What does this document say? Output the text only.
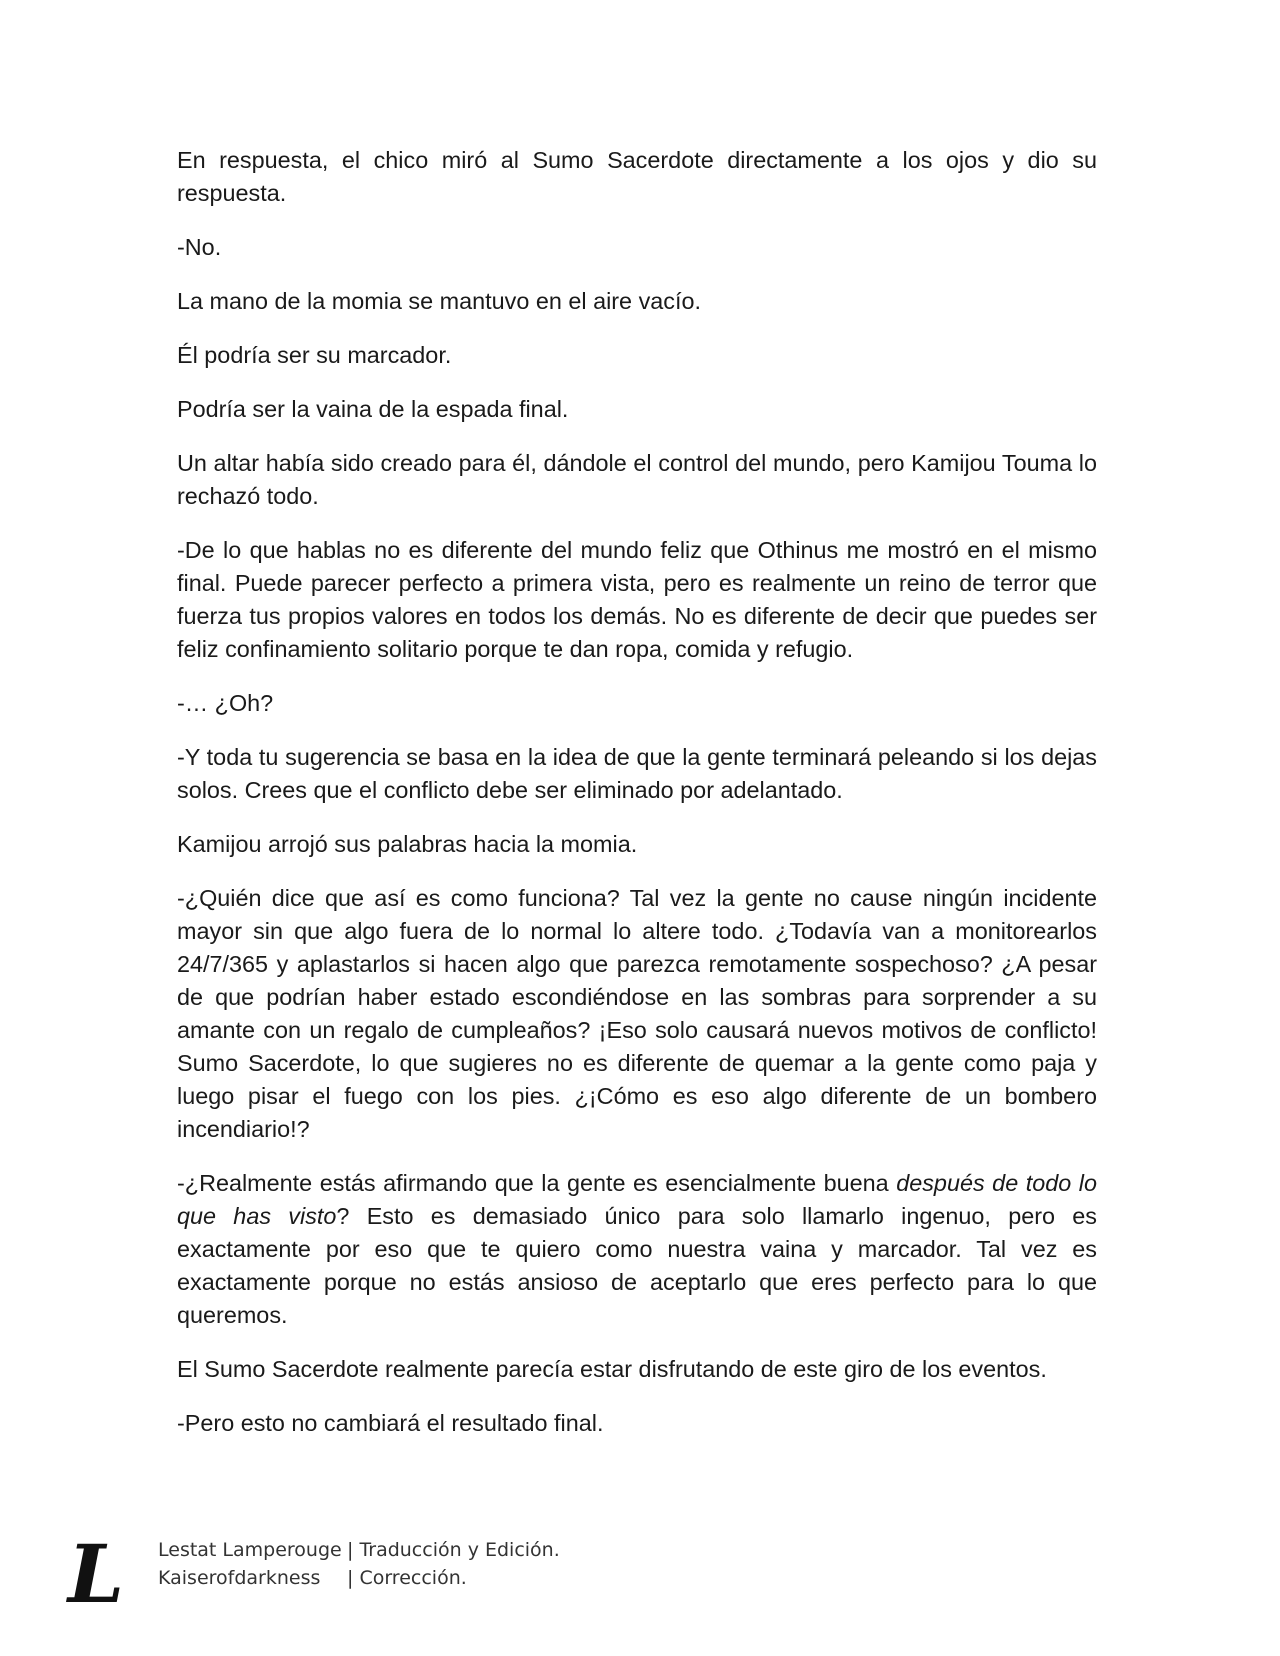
En respuesta, el chico miró al Sumo Sacerdote directamente a los ojos y dio su respuesta.

-No.

La mano de la momia se mantuvo en el aire vacío.

Él podría ser su marcador.

Podría ser la vaina de la espada final.

Un altar había sido creado para él, dándole el control del mundo, pero Kamijou Touma lo rechazó todo.

-De lo que hablas no es diferente del mundo feliz que Othinus me mostró en el mismo final. Puede parecer perfecto a primera vista, pero es realmente un reino de terror que fuerza tus propios valores en todos los demás. No es diferente de decir que puedes ser feliz confinamiento solitario porque te dan ropa, comida y refugio.

-… ¿Oh?

-Y toda tu sugerencia se basa en la idea de que la gente terminará peleando si los dejas solos. Crees que el conflicto debe ser eliminado por adelantado.

Kamijou arrojó sus palabras hacia la momia.

-¿Quién dice que así es como funciona? Tal vez la gente no cause ningún incidente mayor sin que algo fuera de lo normal lo altere todo. ¿Todavía van a monitorearlos 24/7/365 y aplastarlos si hacen algo que parezca remotamente sospechoso? ¿A pesar de que podrían haber estado escondiéndose en las sombras para sorprender a su amante con un regalo de cumpleaños? ¡Eso solo causará nuevos motivos de conflicto! Sumo Sacerdote, lo que sugieres no es diferente de quemar a la gente como paja y luego pisar el fuego con los pies. ¿¡Cómo es eso algo diferente de un bombero incendiario!?

-¿Realmente estás afirmando que la gente es esencialmente buena después de todo lo que has visto? Esto es demasiado único para solo llamarlo ingenuo, pero es exactamente por eso que te quiero como nuestra vaina y marcador. Tal vez es exactamente porque no estás ansioso de aceptarlo que eres perfecto para lo que queremos.

El Sumo Sacerdote realmente parecía estar disfrutando de este giro de los eventos.

-Pero esto no cambiará el resultado final.

L Lestat Lamperouge | Traducción y Edición.
Kaiserofdarkness | Corrección.
